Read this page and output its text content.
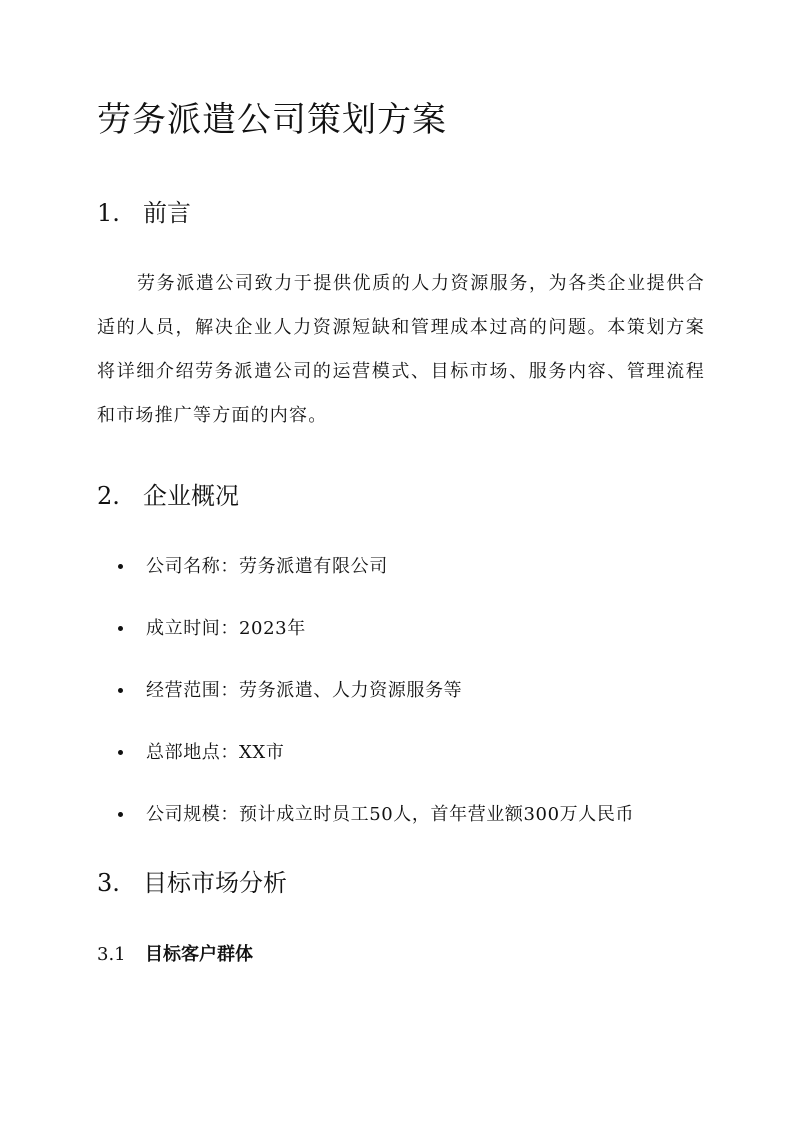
劳务派遣公司策划方案
1. 前言

劳务派遣公司致力于提供优质的人力资源服务，为各类企业提供合适的人员，解决企业人力资源短缺和管理成本过高的问题。本策划方案将详细介绍劳务派遣公司的运营模式、目标市场、服务内容、管理流程和市场推广等方面的内容。

2. 企业概况
公司名称：劳务派遣有限公司
成立时间：2023年
经营范围：劳务派遣、人力资源服务等
总部地点：XX市
公司规模：预计成立时员工50人，首年营业额300万人民币
3. 目标市场分析
3.1 目标客户群体
